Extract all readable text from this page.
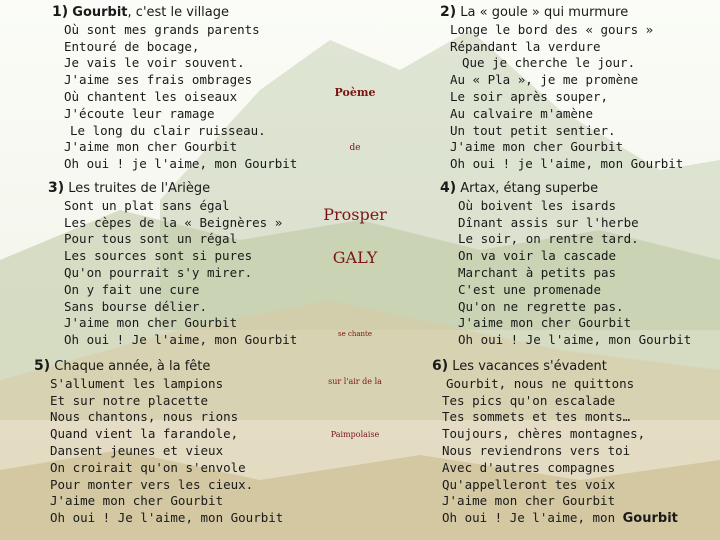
1) Gourbit, c'est le village
Où sont mes grands parents
Entouré de bocage,
Je vais le voir souvent.
J'aime ses frais ombrages
Où chantent les oiseaux
J'écoute leur ramage
Le long du clair ruisseau.
J'aime mon cher Gourbit
Oh oui ! je l'aime, mon Gourbit
2) La « goule » qui murmure
Longe le bord des « gours »
Répandant la verdure
Que je cherche le jour.
Au « Pla », je me promène
Le soir après souper,
Au calvaire m'amène
Un tout petit sentier.
J'aime mon cher Gourbit
Oh oui ! je l'aime, mon Gourbit
3) Les truites de l'Ariège
Sont un plat sans égal
Les cèpes de la « Beignères »
Pour tous sont un régal
Les sources sont si pures
Qu'on pourrait s'y mirer.
On y fait une cure
Sans bourse délier.
J'aime mon cher Gourbit
Oh oui ! Je l'aime, mon Gourbit
4) Artax, étang superbe
Où boivent les isards
Dînant assis sur l'herbe
Le soir, on rentre tard.
On va voir la cascade
Marchant à petits pas
C'est une promenade
Qu'on ne regrette pas.
J'aime mon cher Gourbit
Oh oui ! Je l'aime, mon Gourbit
5) Chaque année, à la fête
S'allument les lampions
Et sur notre placette
Nous chantons, nous rions
Quand vient la farandole,
Dansent jeunes et vieux
On croirait qu'on s'envole
Pour monter vers les cieux.
J'aime mon cher Gourbit
Oh oui ! Je l'aime, mon Gourbit
6) Les vacances s'évadent
Gourbit, nous ne quittons
Tes pics qu'on escalade
Tes sommets et tes monts…
Toujours, chères montagnes,
Nous reviendrons vers toi
Avec d'autres compagnes
Qu'appelleront tes voix
J'aime mon cher Gourbit
Oh oui ! Je l'aime, mon Gourbit
Poème
de
Prosper
GALY
se chante
sur l'air de la
Paimpolaise
